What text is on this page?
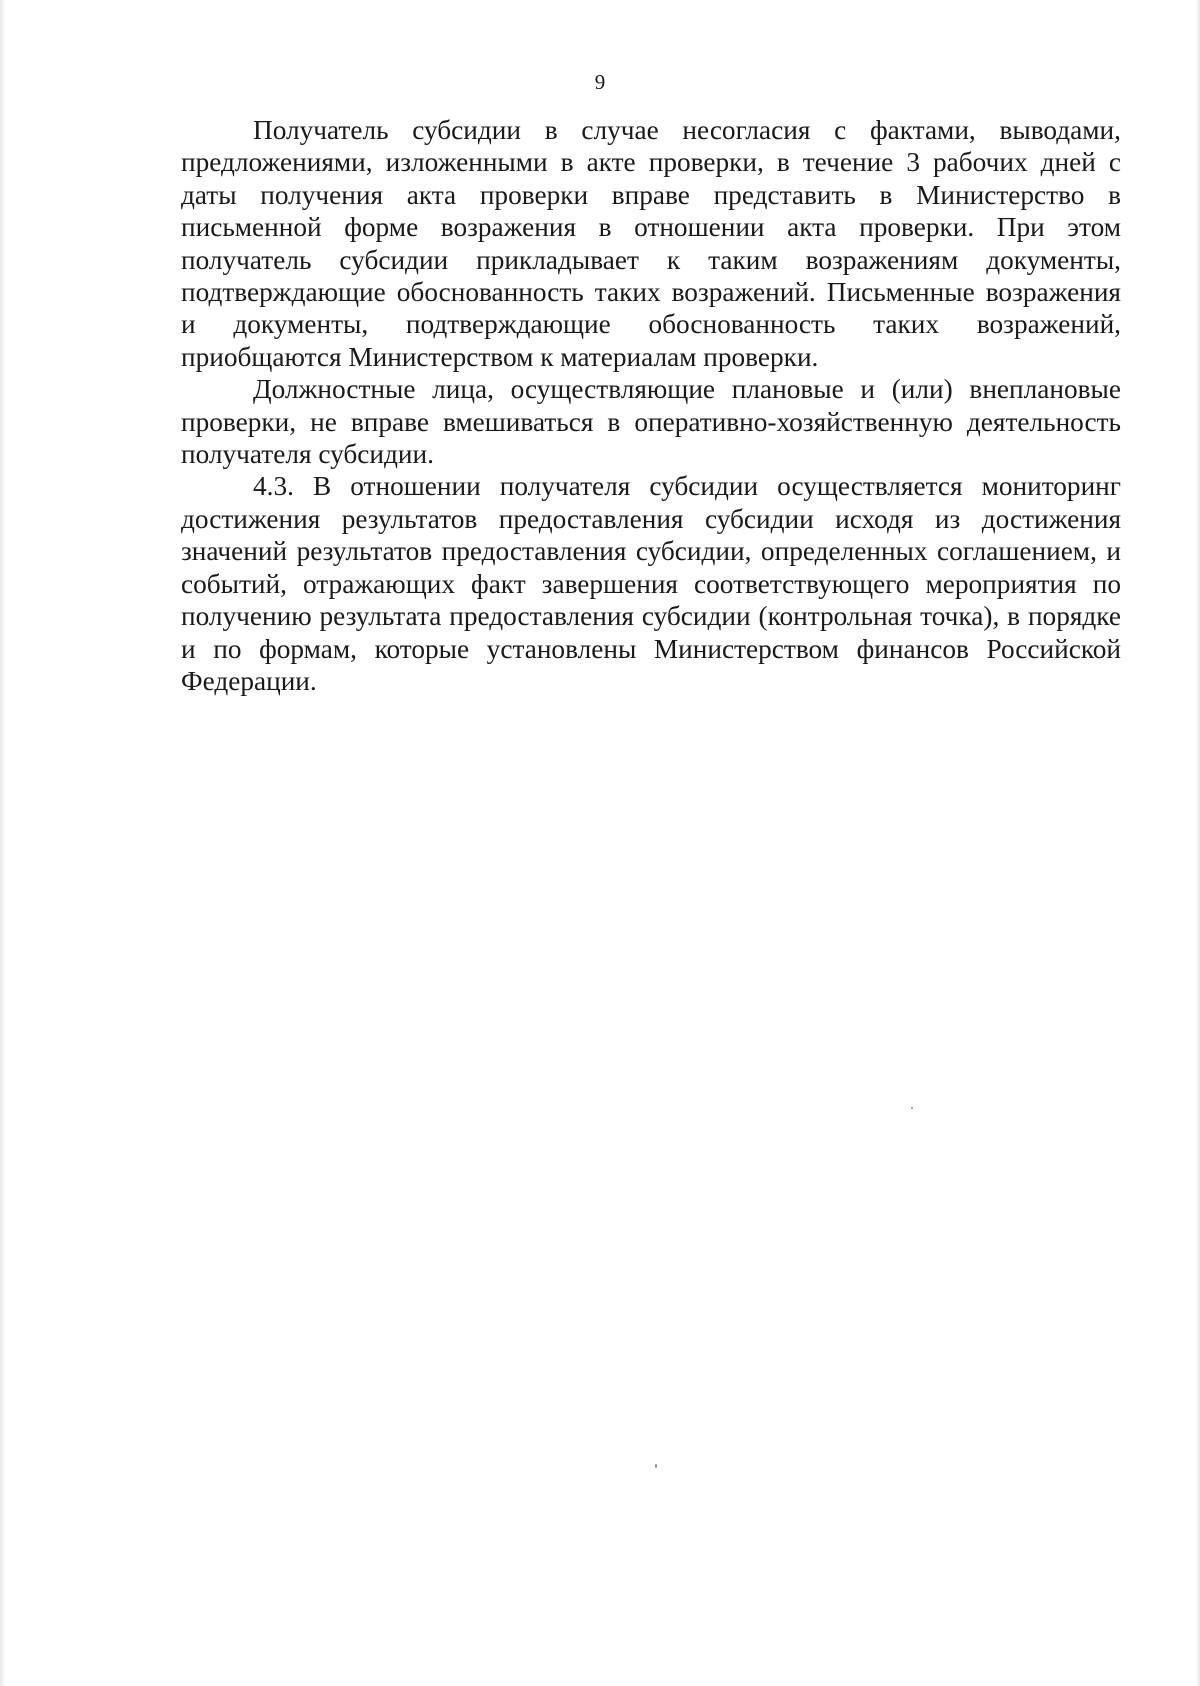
9

Получатель субсидии в случае несогласия с фактами, выводами, предложениями, изложенными в акте проверки, в течение 3 рабочих дней с даты получения акта проверки вправе представить в Министерство в письменной форме возражения в отношении акта проверки. При этом получатель субсидии прикладывает к таким возражениям документы, подтверждающие обоснованность таких возражений. Письменные возражения и документы, подтверждающие обоснованность таких возражений, приобщаются Министерством к материалам проверки.

Должностные лица, осуществляющие плановые и (или) внеплановые проверки, не вправе вмешиваться в оперативно-хозяйственную деятельность получателя субсидии.

4.3. В отношении получателя субсидии осуществляется мониторинг достижения результатов предоставления субсидии исходя из достижения значений результатов предоставления субсидии, определенных соглашением, и событий, отражающих факт завершения соответствующего мероприятия по получению результата предоставления субсидии (контрольная точка), в порядке и по формам, которые установлены Министерством финансов Российской Федерации.
